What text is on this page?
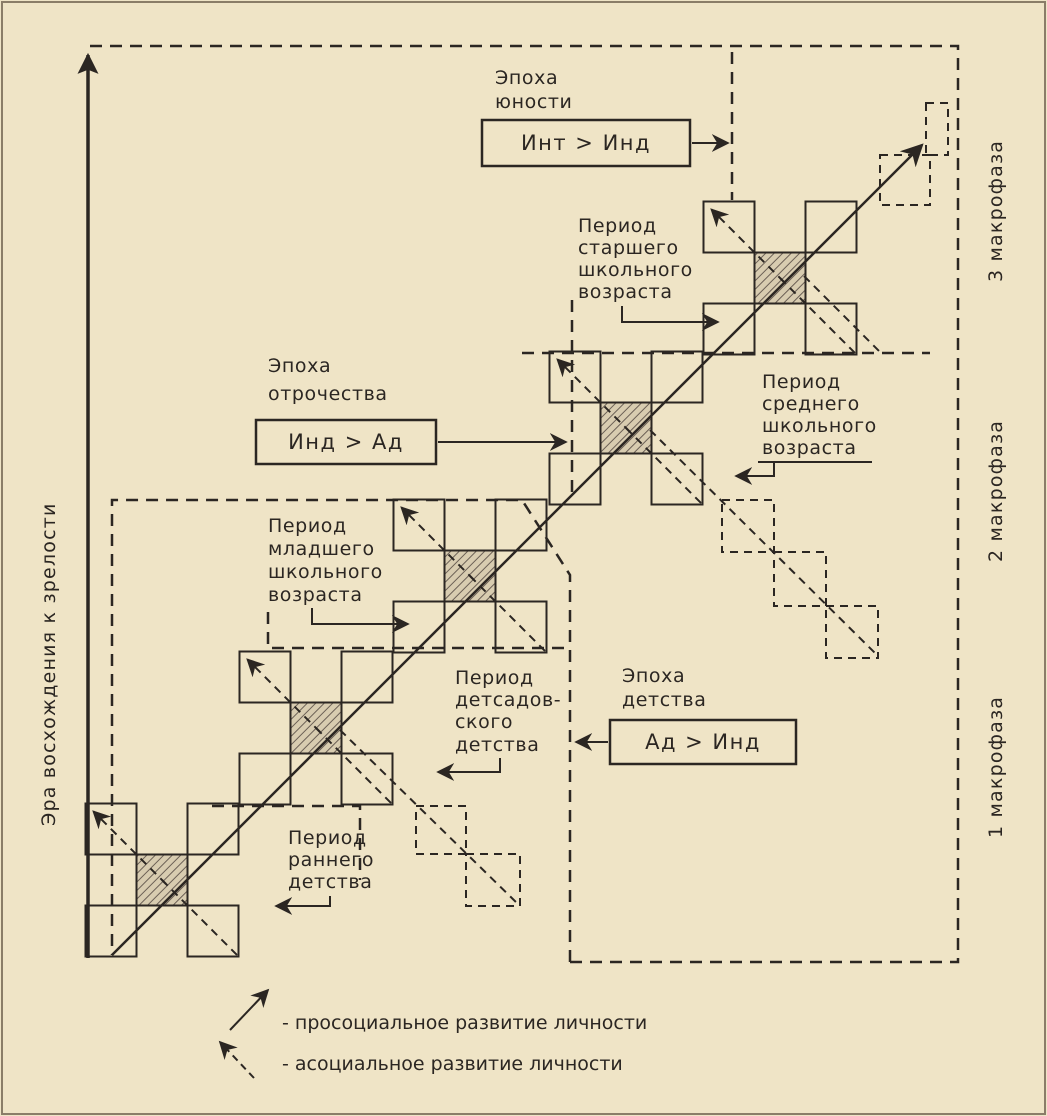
Эра восхождения к зрелости
3 макрофаза
2 макрофаза
1 макрофаза
Эпоха
юности
Инт > Инд
Эпоха
отрочества
Инд > Ад
Эпоха
детства
Ад > Инд
Период
старшего
школьного
возраста
Период
среднего
школьного
возраста
Период
младшего
школьного
возраста
Период
детсадов-
ского
детства
Период
раннего
детства
- просоциальное развитие личности
- асоциальное развитие личности
